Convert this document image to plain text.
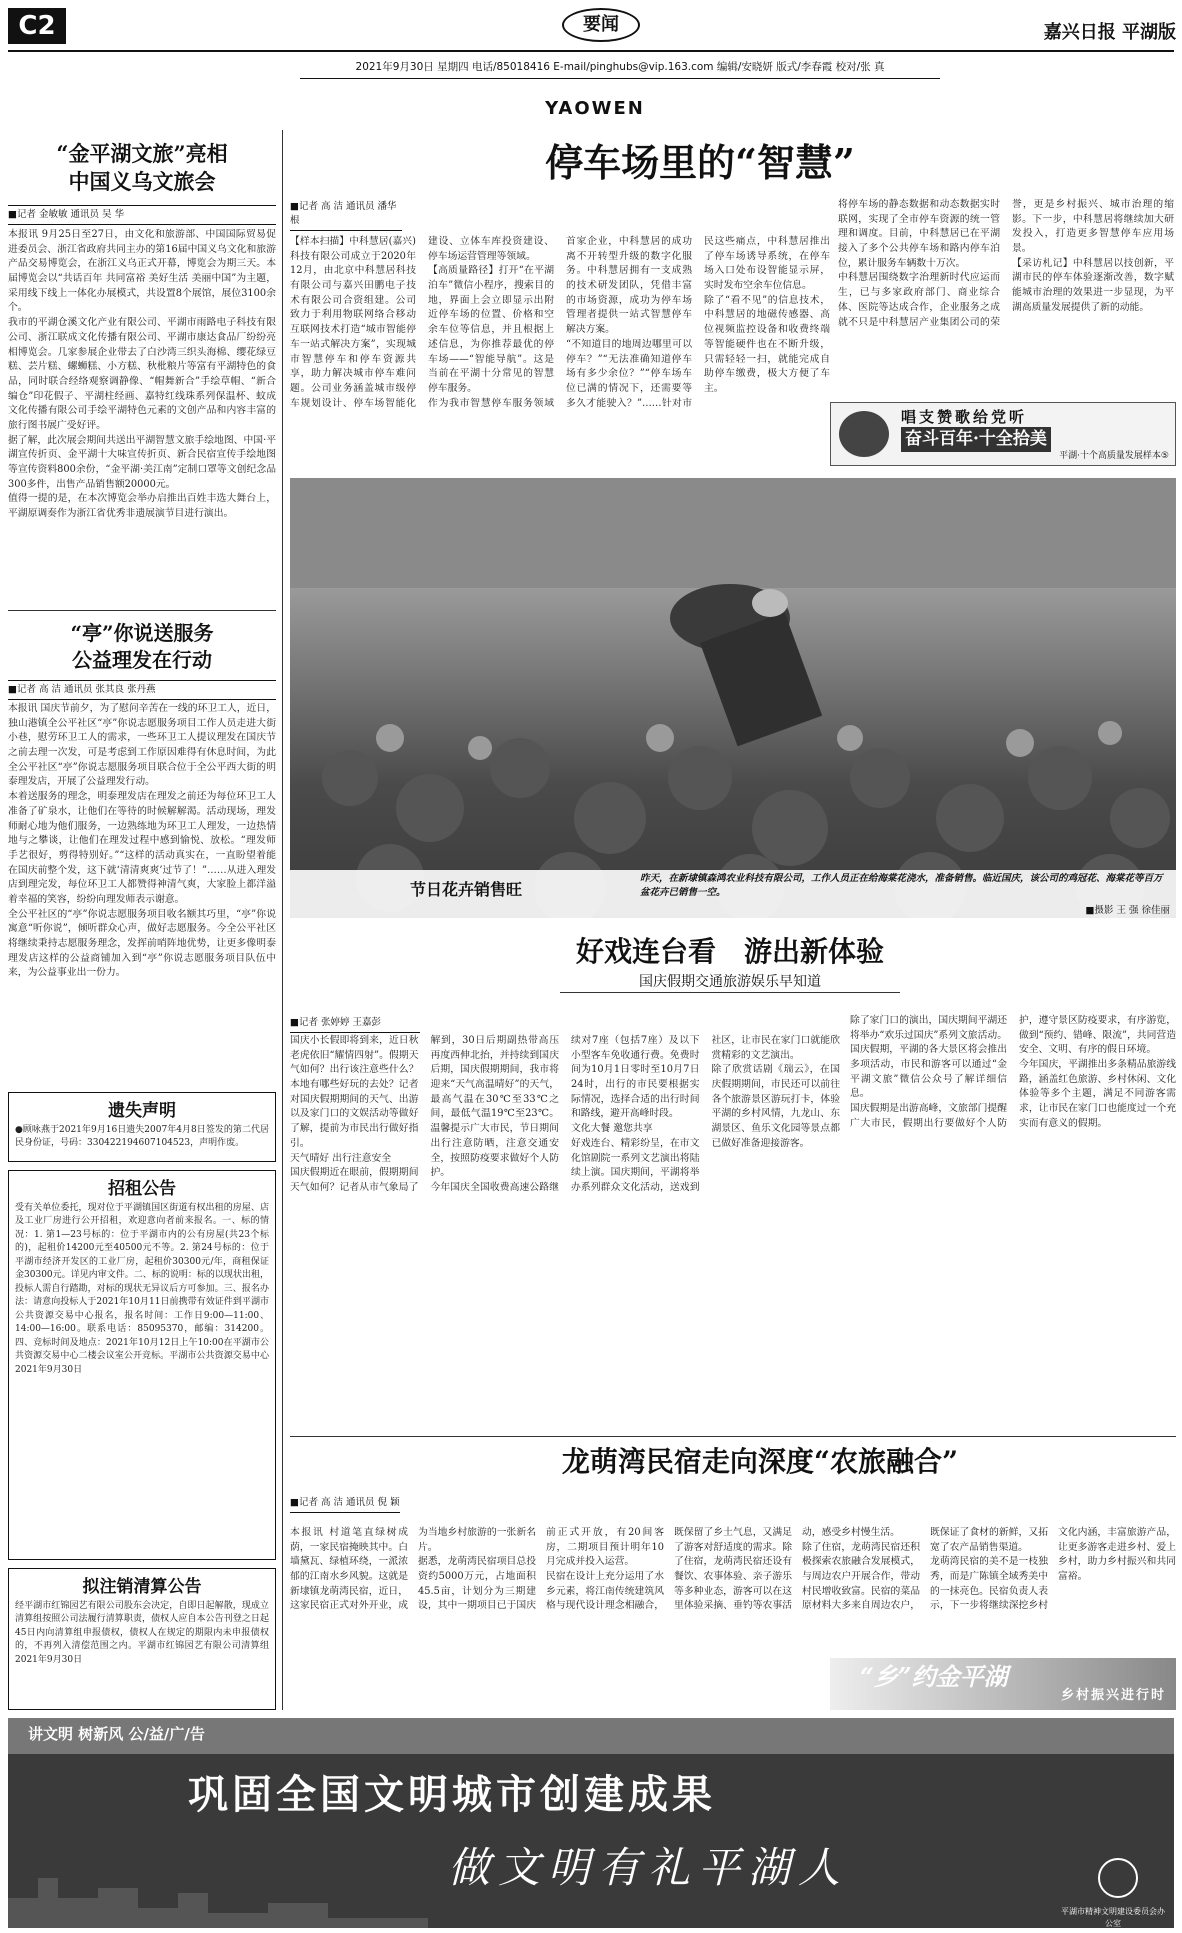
C2	要闻	嘉兴日报 平湖版
2021年9月30日 星期四 电话/85018416 E-mail/pinghubs@vip.163.com 编辑/安晓妍 版式/李春霞 校对/张 真
YAOWEN
“金平湖文旅”亮相
中国义乌文旅会
■记者 金敏敏 通讯员 吴 华
本报讯 9月25日至27日，由文化和旅游部、中国国际贸易促进委员会、浙江省政府共同主办的第16届中国义乌文化和旅游产品交易博览会，在浙江义乌正式开幕，博览会为期三天。本届博览会以“共话百年 共同富裕 美好生活 美丽中国”为主题，采用线下线上一体化办展模式，共设置8个展馆，展位3100余个。
我市的平湖仓溪文化产业有限公司、平湖市雨路电子科技有限公司、浙江联成文化传播有限公司、平湖市康达食品厂纷纷亮相博览会。几家参展企业带去了白沙湾三织头海棉、缨花绿豆糕、芸片糕、螺蛳糕、小方糕、秋枇粮片等富有平湖特色的食品，同时联合经络观察调静像、“帽舞新合”手绘草帽、“新合编仓”印花假子、平湖柱经画、嘉特红线珠系列保温杯、蚊成文化传播有限公司手绘平湖特色元素的文创产品和内容丰富的旅行图书展广受好评。
据了解，此次展会期间共送出平湖智慧文旅手绘地图、中国·平湖宣传折页、金平湖十大味宣传折页、新合民宿宣传手绘地图等宣传资料800余份，“金平湖·美江南”定制口罩等文创纪念品300多件，出售产品销售额20000元。
值得一提的是，在本次博览会举办启推出百姓丰选大舞台上，平湖原调奏作为浙江省优秀非遗展演节目进行演出。
“亭”你说送服务
公益理发在行动
■记者 高 洁 通讯员 张其良 张丹燕
本报讯 国庆节前夕，为了慰问辛苦在一线的环卫工人，近日，独山港镇全公平社区“亭”你说志愿服务项目工作人员走进大街小巷，慰劳环卫工人的需求，一些环卫工人提议理发在国庆节之前去理一次发，可是考虑到工作原因难得有休息时间，为此全公平社区“亭”你说志愿服务项目联合位于全公平西大街的明泰理发店，开展了公益理发行动。
本着送服务的理念，明泰理发店在理发之前还为每位环卫工人准备了矿泉水，让他们在等待的时候解解渴。活动现场，理发师耐心地为他们服务，一边熟练地为环卫工人理发，一边热情地与之攀谈，让他们在理发过程中感到愉悦、放松。“理发师手艺很好，剪得特别好。”“这样的活动真实在，一直盼望着能在国庆前整个发，这下就‘清清爽爽’过节了！”……从进入理发店到理完发，每位环卫工人都赞得神清气爽，大家脸上都洋溢着幸福的笑容，纷纷向理发师表示谢意。
全公平社区的“亭”你说志愿服务项目收名额其巧里，“亭”你说寓意“听你说”，倾听群众心声，做好志愿服务。今全公平社区将继续秉持志愿服务理念，发挥前哨阵地优势，让更多像明泰理发店这样的公益商铺加入到“亭”你说志愿服务项目队伍中来，为公益事业出一份力。
遗失声明
●顾咏燕于2021年9月16日遗失2007年4月8日签发的第二代居民身份证，号码：330422194607104523，声明作废。
招租公告
受有关单位委托，现对位于平湖镇国区街道有权出租的房屋、店及工业厂房进行公开招租，欢迎意向者前来报名。一、标的情况：1. 第1—23号标的：位于平湖市内的公有房屋(共23个标的)，起租价14200元至40500元不等。2. 第24号标的：位于平湖市经济开发区的工业厂房，起租价30300元/年，商租保证金30300元。详见内审文件。二、标的说明：标的以现状出租，投标人需自行踏勘，对标的现状无异议后方可参加。三、报名办法：请意向投标人于2021年10月11日前携带有效证件到平湖市公共资源交易中心报名，报名时间：工作日9:00—11:00、14:00—16:00。联系电话：85095370，邮编：314200。四、竞标时间及地点：2021年10月12日上午10:00在平湖市公共资源交易中心二楼会议室公开竞标。平湖市公共资源交易中心 2021年9月30日
拟注销清算公告
经平湖市红锦园艺有限公司股东会决定，自即日起解散，现成立清算组按照公司法履行清算职责，债权人应自本公告刊登之日起45日内向清算组申报债权，债权人在规定的期限内未申报债权的，不再列入清偿范围之内。平湖市红锦园艺有限公司清算组 2021年9月30日
停车场里的“智慧”
■记者 高 洁 通讯员 潘华根
【样本扫描】中科慧居(嘉兴)科技有限公司成立于2020年12月，由北京中科慧居科技有限公司与嘉兴田鹏电子技术有限公司合资组建。公司致力于利用物联网络合移动互联网技术打造“城市智能停车一站式解决方案”，实现城市智慧停车和停车资源共享，助力解决城市停车难问题。公司业务涵盖城市级停车规划设计、停车场智能化建设、立体车库投资建设、停车场运营管理等领域。
【高质量路径】打开“在平湖泊车”微信小程序，搜索目的地，界面上会立即显示出附近停车场的位置、价格和空余车位等信息，并且根据上述信息，为你推荐最优的停车场——“智能导航”。这是当前在平湖十分常见的智慧停车服务。
作为我市智慧停车服务领域首家企业，中科慧居的成功离不开转型升级的数字化服务。中科慧居拥有一支成熟的技术研发团队，凭借丰富的市场资源，成功为停车场管理者提供一站式智慧停车解决方案。
“不知道目的地周边哪里可以停车？”“无法准确知道停车场有多少余位？”“停车场车位已满的情况下，还需要等多久才能驶入？”……针对市民这些痛点，中科慧居推出了停车场诱导系统，在停车场入口处布设智能显示屏，实时发布空余车位信息。
除了“看不见”的信息技术，中科慧居的地磁传感器、高位视频监控设备和收费终端等智能硬件也在不断升级，只需轻轻一扫，就能完成自助停车缴费，极大方便了车主。
将停车场的静态数据和动态数据实时联网，实现了全市停车资源的统一管理和调度。目前，中科慧居已在平湖接入了多个公共停车场和路内停车泊位，累计服务车辆数十万次。
中科慧居围绕数字治理新时代应运而生，已与多家政府部门、商业综合体、医院等达成合作，企业服务之成就不只是中科慧居产业集团公司的荣誉，更是乡村振兴、城市治理的缩影。下一步，中科慧居将继续加大研发投入，打造更多智慧停车应用场景。
【采访札记】中科慧居以技创新，平湖市民的停车体验逐渐改善，数字赋能城市治理的效果进一步显现，为平湖高质量发展提供了新的动能。
唱支赞歌给党听
奋斗百年·十全拾美
平湖·十个高质量发展样本⑤
节日花卉销售旺
昨天，在新埭镇森鸿农业科技有限公司，工作人员正在给海棠花浇水，准备销售。临近国庆，该公司的鸡冠花、海棠花等百万盆花卉已销售一空。
■摄影 王 强 徐佳丽
好戏连台看　游出新体验
国庆假期交通旅游娱乐早知道
■记者 张婷婷 王嘉彭
国庆小长假即将到来，近日秋老虎依旧“耀情四射”。假期天气如何？出行该注意些什么？本地有哪些好玩的去处？记者对国庆假期期间的天气、出游以及家门口的文娱活动等做好了解，提前为市民出行做好指引。
天气晴好 出行注意安全
国庆假期近在眼前，假期期间天气如何？记者从市气象局了解到，30日后期副热带高压再度西伸北抬，并持续到国庆后期，国庆假期期间，我市将迎来“天气高温晴好”的天气，最高气温在30℃至33℃之间，最低气温19℃至23℃。温馨提示广大市民，节日期间出行注意防晒，注意交通安全，按照防疫要求做好个人防护。
今年国庆全国收费高速公路继续对7座（包括7座）及以下小型客车免收通行费。免费时间为10月1日零时至10月7日24时，出行的市民要根据实际情况，选择合适的出行时间和路线，避开高峰时段。
文化大餐 邀您共享
好戏连台、精彩纷呈，在市文化馆剧院一系列文艺演出将陆续上演。国庆期间，平湖将举办系列群众文化活动，送戏到社区，让市民在家门口就能欣赏精彩的文艺演出。
除了欣赏话剧《瑞云》，在国庆假期期间，市民还可以前往各个旅游景区游玩打卡，体验平湖的乡村风情，九龙山、东湖景区、鱼乐文化园等景点都已做好准备迎接游客。
除了家门口的演出，国庆期间平湖还将举办“欢乐过国庆”系列文旅活动。国庆假期，平湖的各大景区将会推出多项活动，市民和游客可以通过“金平湖文旅”微信公众号了解详细信息。
国庆假期是出游高峰，文旅部门提醒广大市民，假期出行要做好个人防护，遵守景区防疫要求，有序游览，做到“预约、错峰、限流”，共同营造安全、文明、有序的假日环境。
今年国庆，平湖推出多条精品旅游线路，涵盖红色旅游、乡村休闲、文化体验等多个主题，满足不同游客需求，让市民在家门口也能度过一个充实而有意义的假期。
龙萌湾民宿走向深度“农旅融合”
■记者 高 洁 通讯员 倪 颖
本报讯 村道笔直绿树成荫，一家民宿掩映其中。白墙黛瓦、绿植环绕，一派浓郁的江南水乡风貌。这就是新埭镇龙萌湾民宿，近日，这家民宿正式对外开业，成为当地乡村旅游的一张新名片。
据悉，龙萌湾民宿项目总投资约5000万元，占地面积45.5亩，计划分为三期建设，其中一期项目已于国庆前正式开放，有20间客房，二期项目预计明年10月完成并投入运营。
民宿在设计上充分运用了水乡元素，将江南传统建筑风格与现代设计理念相融合，既保留了乡土气息，又满足了游客对舒适度的需求。除了住宿，龙萌湾民宿还设有餐饮、农事体验、亲子游乐等多种业态，游客可以在这里体验采摘、垂钓等农事活动，感受乡村慢生活。
除了住宿，龙萌湾民宿还积极探索农旅融合发展模式，与周边农户开展合作，带动村民增收致富。民宿的菜品原材料大多来自周边农户，既保证了食材的新鲜，又拓宽了农产品销售渠道。
龙萌湾民宿的美不是一枝独秀，而是广陈镇全域秀美中的一抹亮色。民宿负责人表示，下一步将继续深挖乡村文化内涵，丰富旅游产品，让更多游客走进乡村、爱上乡村，助力乡村振兴和共同富裕。
“乡”约金平湖
乡村振兴进行时
讲文明 树新风 公/益/广/告
巩固全国文明城市创建成果
做文明有礼平湖人
平湖市精神文明建设委员会办公室
